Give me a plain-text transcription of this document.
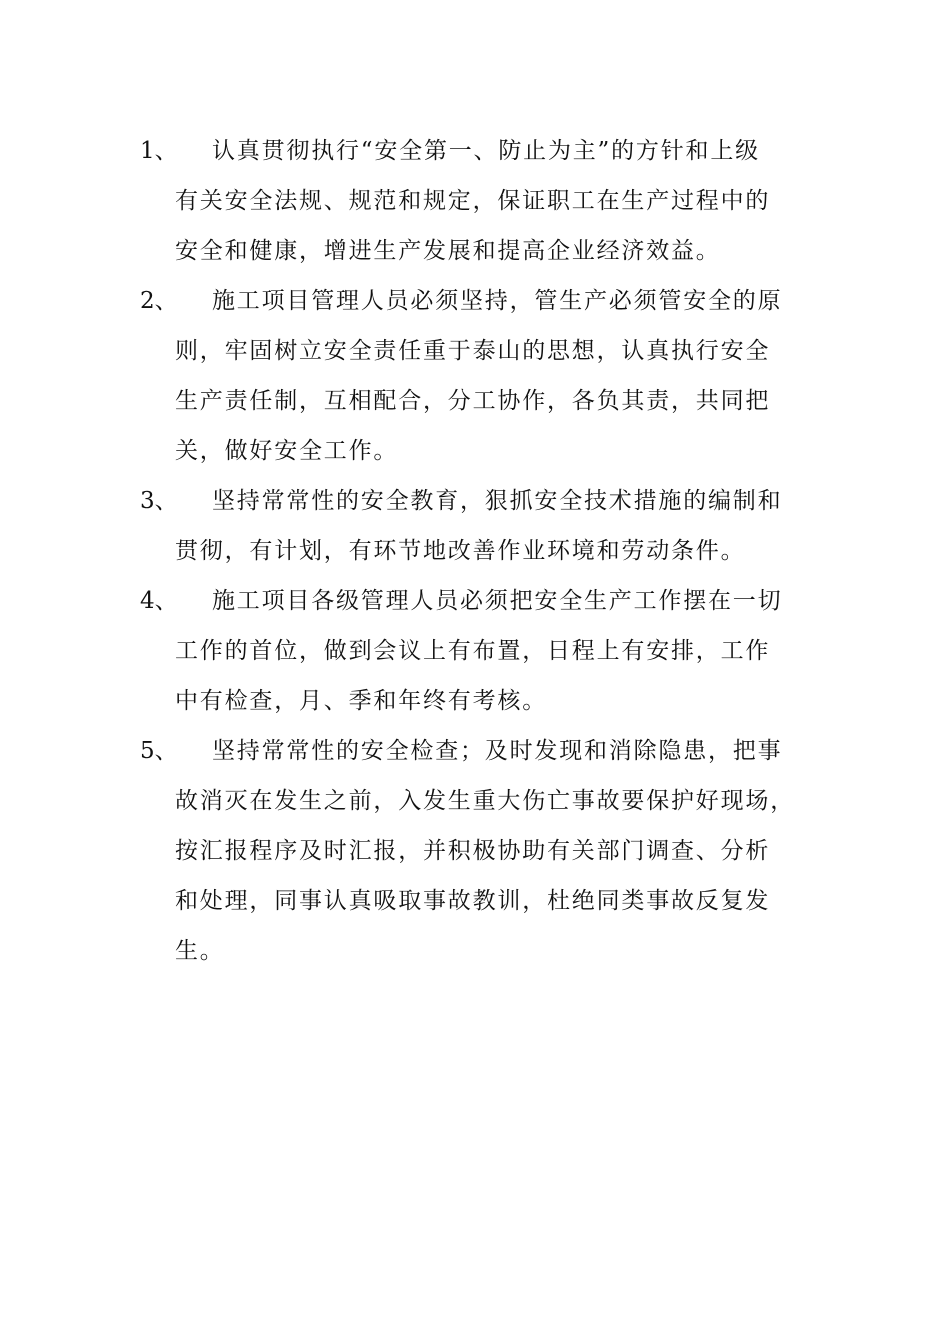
1、	认真贯彻执行“安全第一、防止为主”的方针和上级
有关安全法规、规范和规定，保证职工在生产过程中的
安全和健康，增进生产发展和提高企业经济效益。
2、	施工项目管理人员必须坚持，管生产必须管安全的原
则，牢固树立安全责任重于泰山的思想，认真执行安全
生产责任制，互相配合，分工协作，各负其责，共同把
关，做好安全工作。
3、	坚持常常性的安全教育，狠抓安全技术措施的编制和
贯彻，有计划，有环节地改善作业环境和劳动条件。
4、	施工项目各级管理人员必须把安全生产工作摆在一切
工作的首位，做到会议上有布置，日程上有安排，工作
中有检查，月、季和年终有考核。
5、	坚持常常性的安全检查；及时发现和消除隐患，把事
故消灭在发生之前，入发生重大伤亡事故要保护好现场，
按汇报程序及时汇报，并积极协助有关部门调查、分析
和处理，同事认真吸取事故教训，杜绝同类事故反复发
生。
